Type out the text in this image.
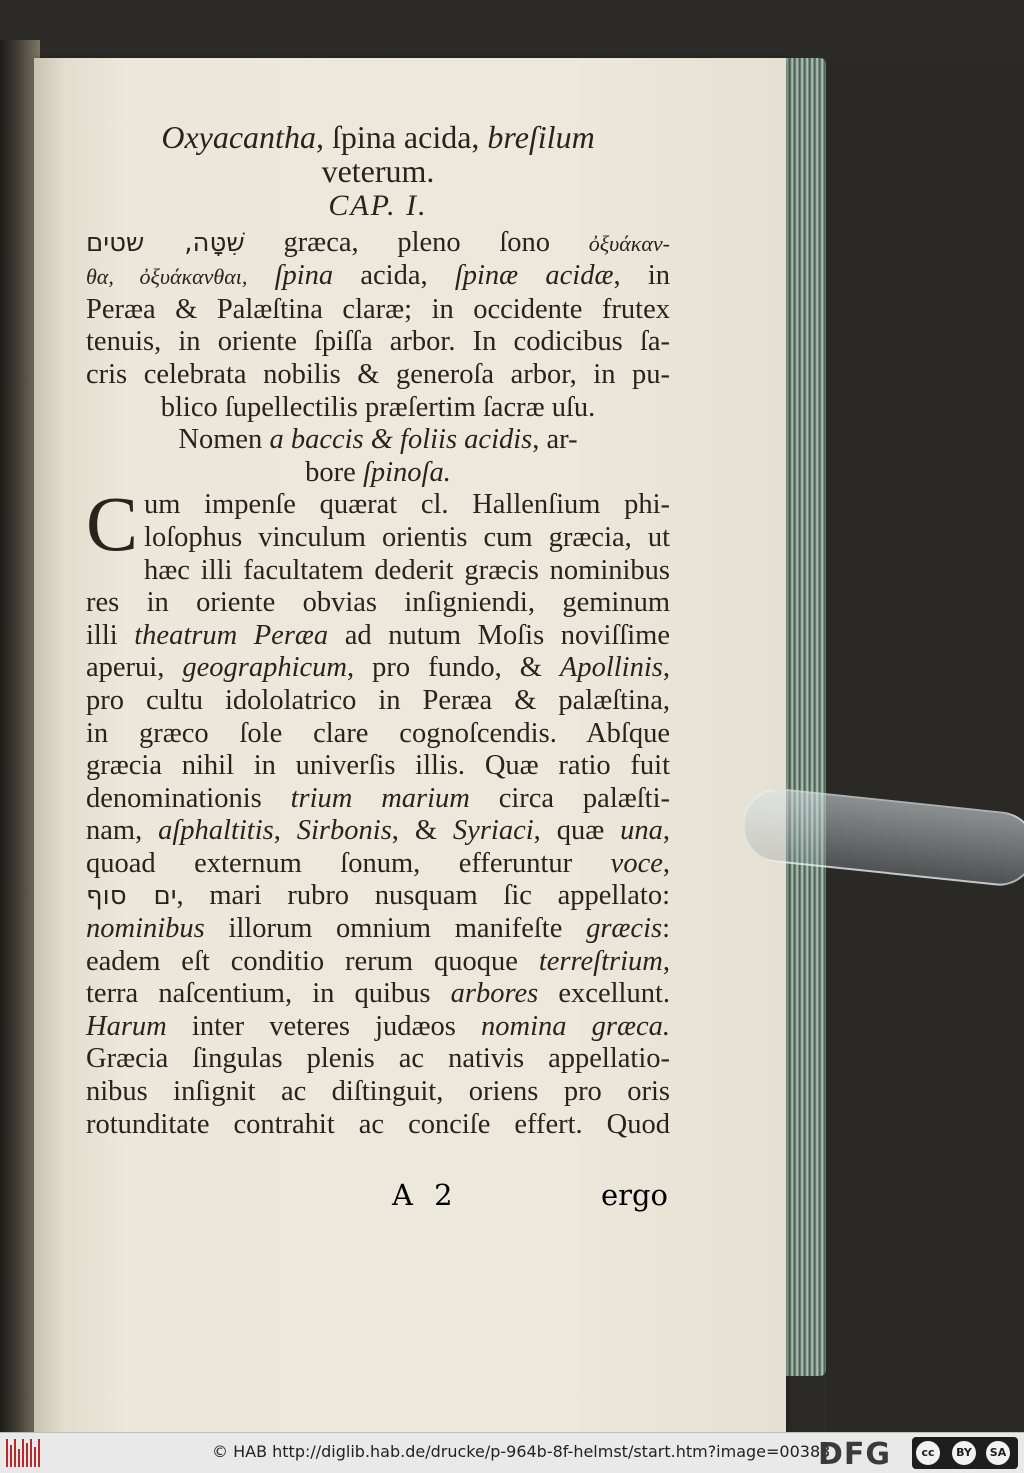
Oxyacantha, ſpina acida, breſilum
veterum.
CAP. I.
שִׁטָּה, שטים græca, pleno ſono ὀξυάκαν-
θα, ὀξυάκανθαι, ſpina acida, ſpinæ acidæ, in
Peræa & Palæſtina claræ; in occidente frutex
tenuis, in oriente ſpiſſa arbor. In codicibus ſa-
cris celebrata nobilis & generoſa arbor, in pu-
blico ſupellectilis præſertim ſacræ uſu.
Nomen a baccis & foliis acidis, ar-
bore ſpinoſa.
C um impenſe quærat cl. Hallenſium phi-
loſophus vinculum orientis cum græcia, ut
hæc illi facultatem dederit græcis nominibus
res in oriente obvias inſigniendi, geminum
illi theatrum Peræa ad nutum Moſis noviſſime
aperui, geographicum, pro fundo, & Apollinis,
pro cultu idololatrico in Peræa & palæſtina,
in græco ſole clare cognoſcendis. Abſque
græcia nihil in univerſis illis. Quæ ratio fuit
denominationis trium marium circa palæſti-
nam, aſphaltitis, Sirbonis, & Syriaci, quæ una,
quoad externum ſonum, efferuntur voce,
ים סוף, mari rubro nusquam ſic appellato:
nominibus illorum omnium manifeſte græcis:
eadem eſt conditio rerum quoque terreſtrium,
terra naſcentium, in quibus arbores excellunt.
Harum inter veteres judæos nomina græca.
Græcia ſingulas plenis ac nativis appellatio-
nibus inſignit ac diſtinguit, oriens pro oris
rotunditate contrahit ac conciſe effert. Quod
A 2	ergo
© HAB http://diglib.hab.de/drucke/p-964b-8f-helmst/start.htm?image=00383
DFG	cc	BY	SA
